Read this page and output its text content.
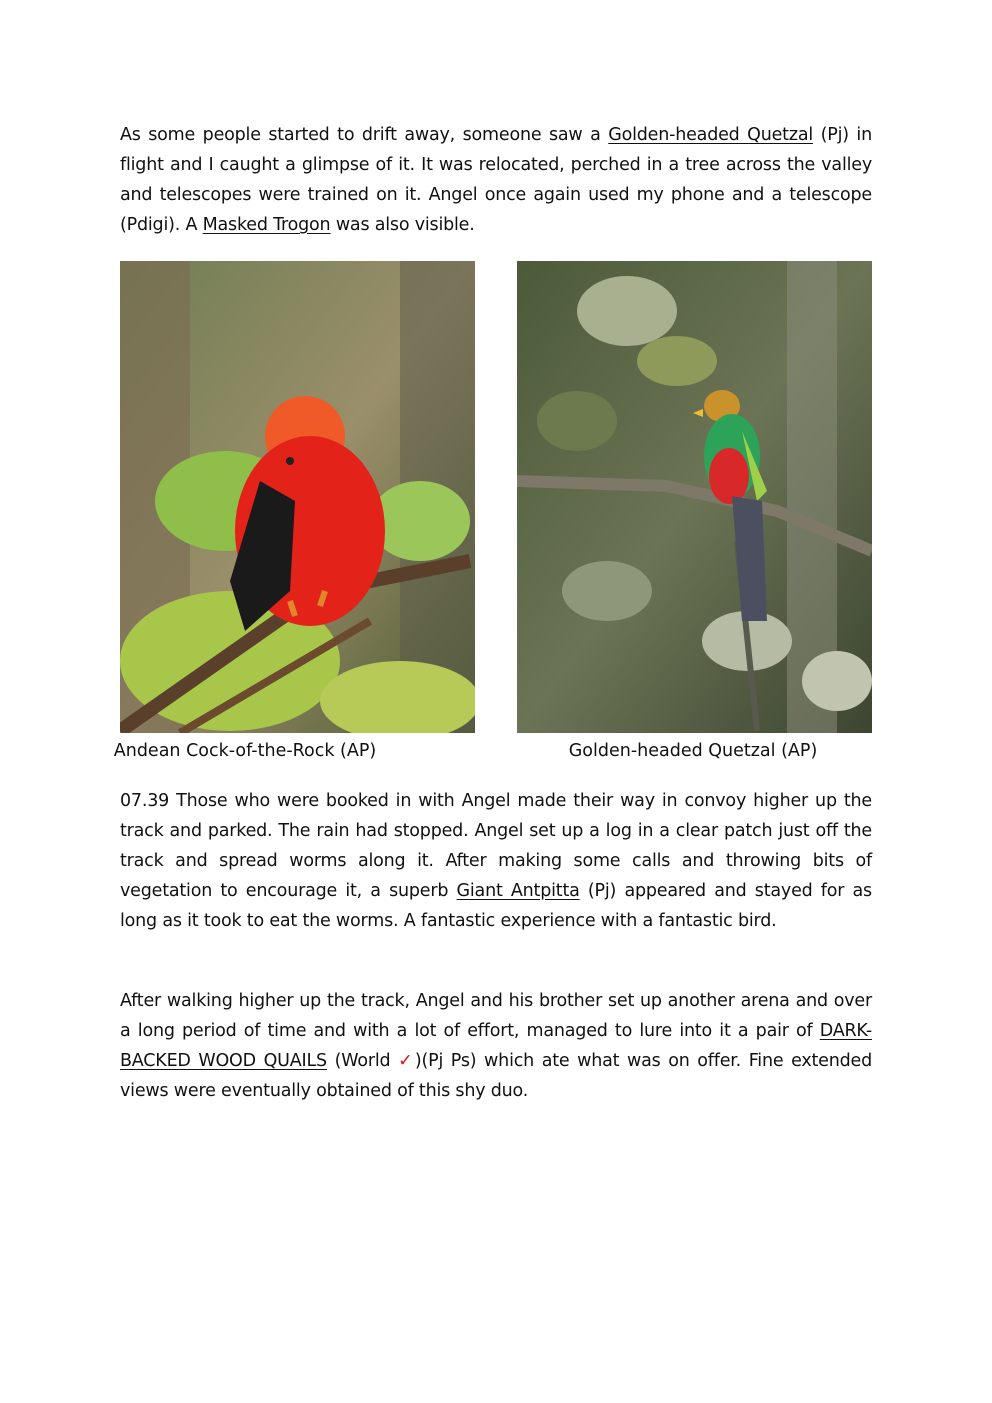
As some people started to drift away, someone saw a Golden-headed Quetzal (Pj) in flight and I caught a glimpse of it. It was relocated, perched in a tree across the valley and telescopes were trained on it. Angel once again used my phone and a telescope (Pdigi). A Masked Trogon was also visible.

Andean Cock-of-the-Rock (AP)	Golden-headed Quetzal (AP)

07.39 Those who were booked in with Angel made their way in convoy higher up the track and parked. The rain had stopped. Angel set up a log in a clear patch just off the track and spread worms along it. After making some calls and throwing bits of vegetation to encourage it, a superb Giant Antpitta (Pj) appeared and stayed for as long as it took to eat the worms. A fantastic experience with a fantastic bird.

After walking higher up the track, Angel and his brother set up another arena and over a long period of time and with a lot of effort, managed to lure into it a pair of DARK-BACKED WOOD QUAILS (World ✓)(Pj Ps) which ate what was on offer. Fine extended views were eventually obtained of this shy duo.
